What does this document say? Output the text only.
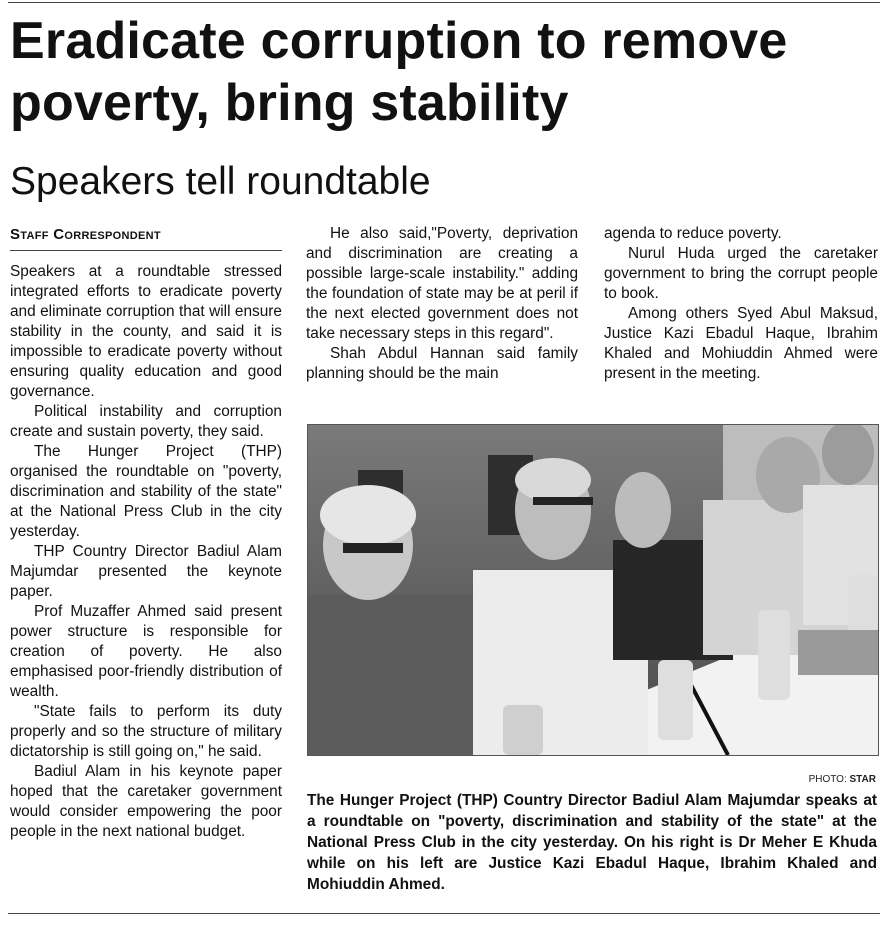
Eradicate corruption to remove poverty, bring stability
Speakers tell roundtable
Staff Correspondent

Speakers at a roundtable stressed integrated efforts to eradicate poverty and eliminate corruption that will ensure stability in the county, and said it is impossible to eradicate poverty without ensuring quality education and good governance.

Political instability and corruption create and sustain poverty, they said.

The Hunger Project (THP) organised the roundtable on "poverty, discrimination and stability of the state" at the National Press Club in the city yesterday.

THP Country Director Badiul Alam Majumdar presented the keynote paper.

Prof Muzaffer Ahmed said present power structure is responsible for creation of poverty. He also emphasised poor-friendly distribution of wealth.

"State fails to perform its duty properly and so the structure of military dictatorship is still going on," he said.

Badiul Alam in his keynote paper hoped that the caretaker government would consider empowering the poor people in the next national budget.

He also said,"Poverty, deprivation and discrimination are creating a possible large-scale instability." adding the foundation of state may be at peril if the next elected government does not take necessary steps in this regard".

Shah Abdul Hannan said family planning should be the main

agenda to reduce poverty.

Nurul Huda urged the caretaker government to bring the corrupt people to book.

Among others Syed Abul Maksud, Justice Kazi Ebadul Haque, Ibrahim Khaled and Mohiuddin Ahmed were present in the meeting.

PHOTO: STAR
The Hunger Project (THP) Country Director Badiul Alam Majumdar speaks at a roundtable on "poverty, discrimination and stability of the state" at the National Press Club in the city yesterday. On his right is Dr Meher E Khuda while on his left are Justice Kazi Ebadul Haque, Ibrahim Khaled and Mohiuddin Ahmed.
